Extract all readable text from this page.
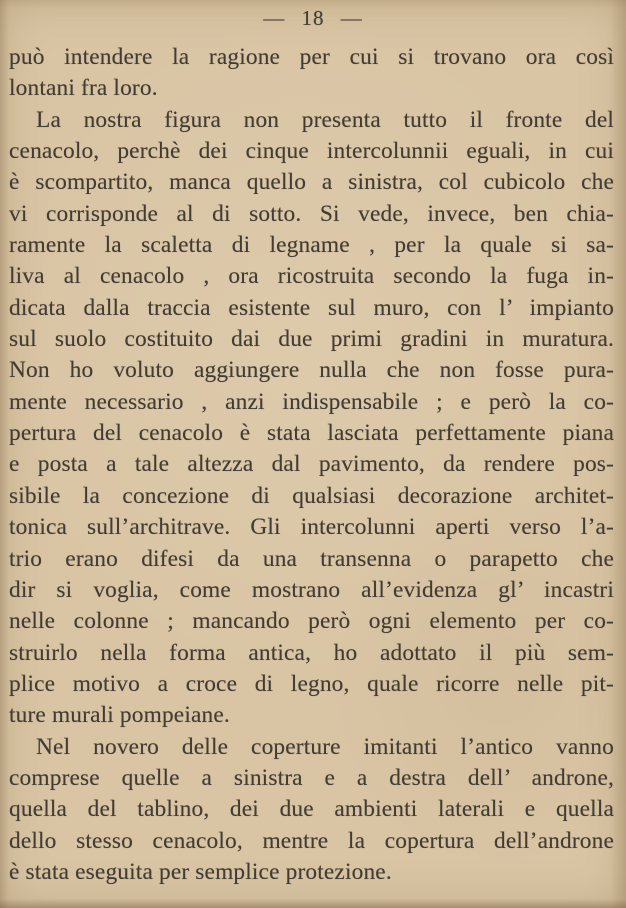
— 18 —
può intendere la ragione per cui si trovano ora così
lontani fra loro.
La nostra figura non presenta tutto il fronte del
cenacolo, perchè dei cinque intercolunnii eguali, in cui
è scompartito, manca quello a sinistra, col cubicolo che
vi corrisponde al di sotto. Si vede, invece, ben chia-
ramente la scaletta di legname , per la quale si sa-
liva al cenacolo , ora ricostruita secondo la fuga in-
dicata dalla traccia esistente sul muro, con l’ impianto
sul suolo costituito dai due primi gradini in muratura.
Non ho voluto aggiungere nulla che non fosse pura-
mente necessario , anzi indispensabile ; e però la co-
pertura del cenacolo è stata lasciata perfettamente piana
e posta a tale altezza dal pavimento, da rendere pos-
sibile la concezione di qualsiasi decorazione architet-
tonica sull’architrave. Gli intercolunni aperti verso l’a-
trio erano difesi da una transenna o parapetto che
dir si voglia, come mostrano all’evidenza gl’ incastri
nelle colonne ; mancando però ogni elemento per co-
struirlo nella forma antica, ho adottato il più sem-
plice motivo a croce di legno, quale ricorre nelle pit-
ture murali pompeiane.
Nel novero delle coperture imitanti l’antico vanno
comprese quelle a sinistra e a destra dell’ androne,
quella del tablino, dei due ambienti laterali e quella
dello stesso cenacolo, mentre la copertura dell’androne
è stata eseguita per semplice protezione.
